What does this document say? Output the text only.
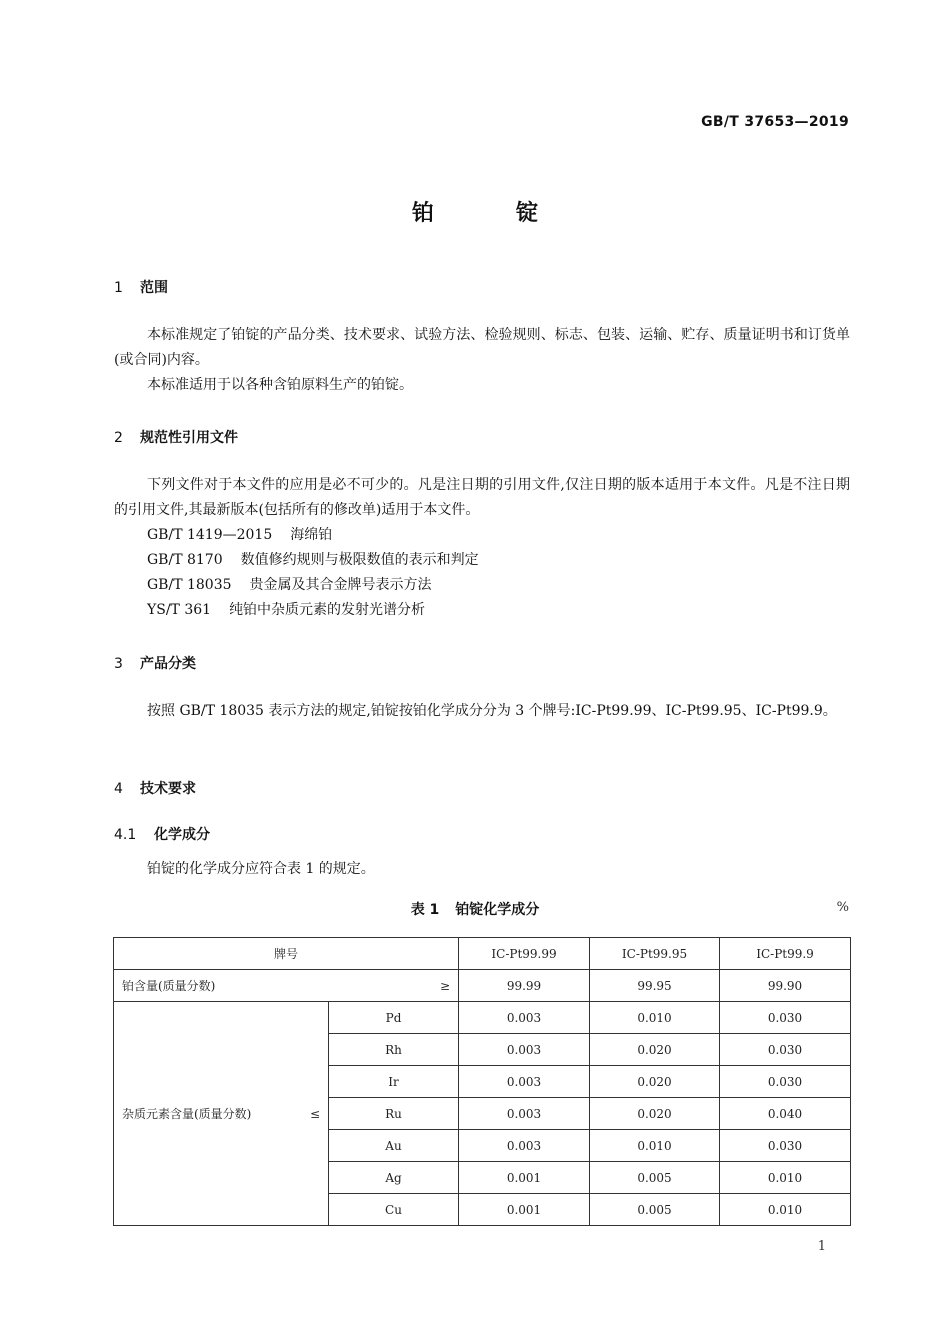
GB/T 37653—2019
铂锭
1 范围

本标准规定了铂锭的产品分类、技术要求、试验方法、检验规则、标志、包装、运输、贮存、质量证明书和订货单(或合同)内容。

本标准适用于以各种含铂原料生产的铂锭。

2 规范性引用文件

下列文件对于本文件的应用是必不可少的。凡是注日期的引用文件,仅注日期的版本适用于本文件。凡是不注日期的引用文件,其最新版本(包括所有的修改单)适用于本文件。

GB/T 1419—2015 海绵铂
GB/T 8170 数值修约规则与极限数值的表示和判定
GB/T 18035 贵金属及其合金牌号表示方法
YS/T 361 纯铂中杂质元素的发射光谱分析
3 产品分类

按照 GB/T 18035 表示方法的规定,铂锭按铂化学成分分为 3 个牌号:IC-Pt99.99、IC-Pt99.95、IC-Pt99.9。

4 技术要求
4.1 化学成分

铂锭的化学成分应符合表 1 的规定。

表 1 铂锭化学成分	%
牌号		IC-Pt99.99	IC-Pt99.95	IC-Pt99.9

铂含量(质量分数) ≥		99.99	99.95	99.90

杂质元素含量(质量分数) ≤	Pd	0.003	0.010	0.030
	Rh	0.003	0.020	0.030
	Ir	0.003	0.020	0.030
	Ru	0.003	0.020	0.040
	Au	0.003	0.010	0.030
	Ag	0.001	0.005	0.010
	Cu	0.001	0.005	0.010
1
